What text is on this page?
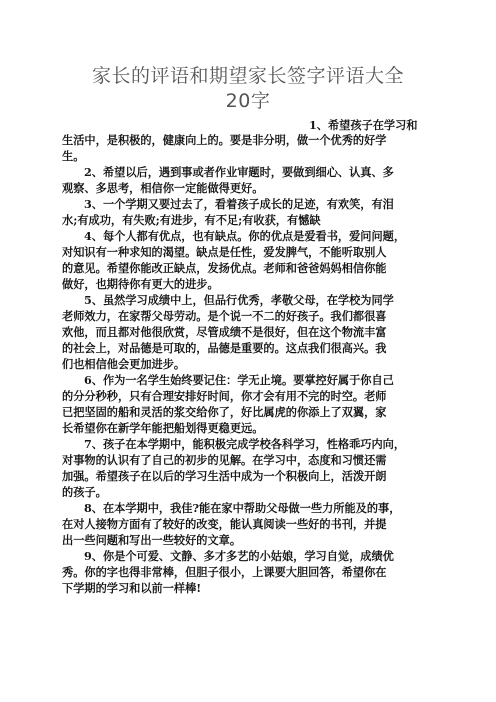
家长的评语和期望家长签字评语大全
20字
1、希望孩子在学习和
生活中，是积极的，健康向上的。要是非分明，做一个优秀的好学
生。
2、希望以后，遇到事或者作业审题时，要做到细心、认真、多
观察、多思考，相信你一定能做得更好。
3、一个学期又要过去了，看着孩子成长的足迹，有欢笑，有泪
水;有成功，有失败;有进步，有不足;有收获，有憾缺
4、每个人都有优点，也有缺点。你的优点是爱看书，爱问问题，
对知识有一种求知的渴望。缺点是任性，爱发脾气，不能听取别人
的意见。希望你能改正缺点，发扬优点。老师和爸爸妈妈相信你能
做好，也期待你有更大的进步。
5、虽然学习成绩中上，但品行优秀，孝敬父母，在学校为同学
老师效力，在家帮父母劳动。是个说一不二的好孩子。我们都很喜
欢他，而且都对他很欣赏，尽管成绩不是很好，但在这个物流丰富
的社会上，对品德是可取的，品德是重要的。这点我们很高兴。我
们也相信他会更加进步。
6、作为一名学生始终要记住：学无止境。要掌控好属于你自己
的分分秒秒，只有合理安排好时间，你才会有用不完的时空。老师
已把坚固的船和灵活的浆交给你了，好比属虎的你添上了双翼，家
长希望你在新学年能把船划得更稳更远。
7、孩子在本学期中，能积极完成学校各科学习，性格乖巧内向，
对事物的认识有了自己的初步的见解。在学习中，态度和习惯还需
加强。希望孩子在以后的学习生活中成为一个积极向上，活泼开朗
的孩子。
8、在本学期中，我佳?能在家中帮助父母做一些力所能及的事，
在对人接物方面有了较好的改变，能认真阅读一些好的书刊，并提
出一些问题和写出一些较好的文章。
9、你是个可爱、文静、多才多艺的小姑娘，学习自觉，成绩优
秀。你的字也得非常棒，但胆子很小，上课要大胆回答，希望你在
下学期的学习和以前一样棒!
